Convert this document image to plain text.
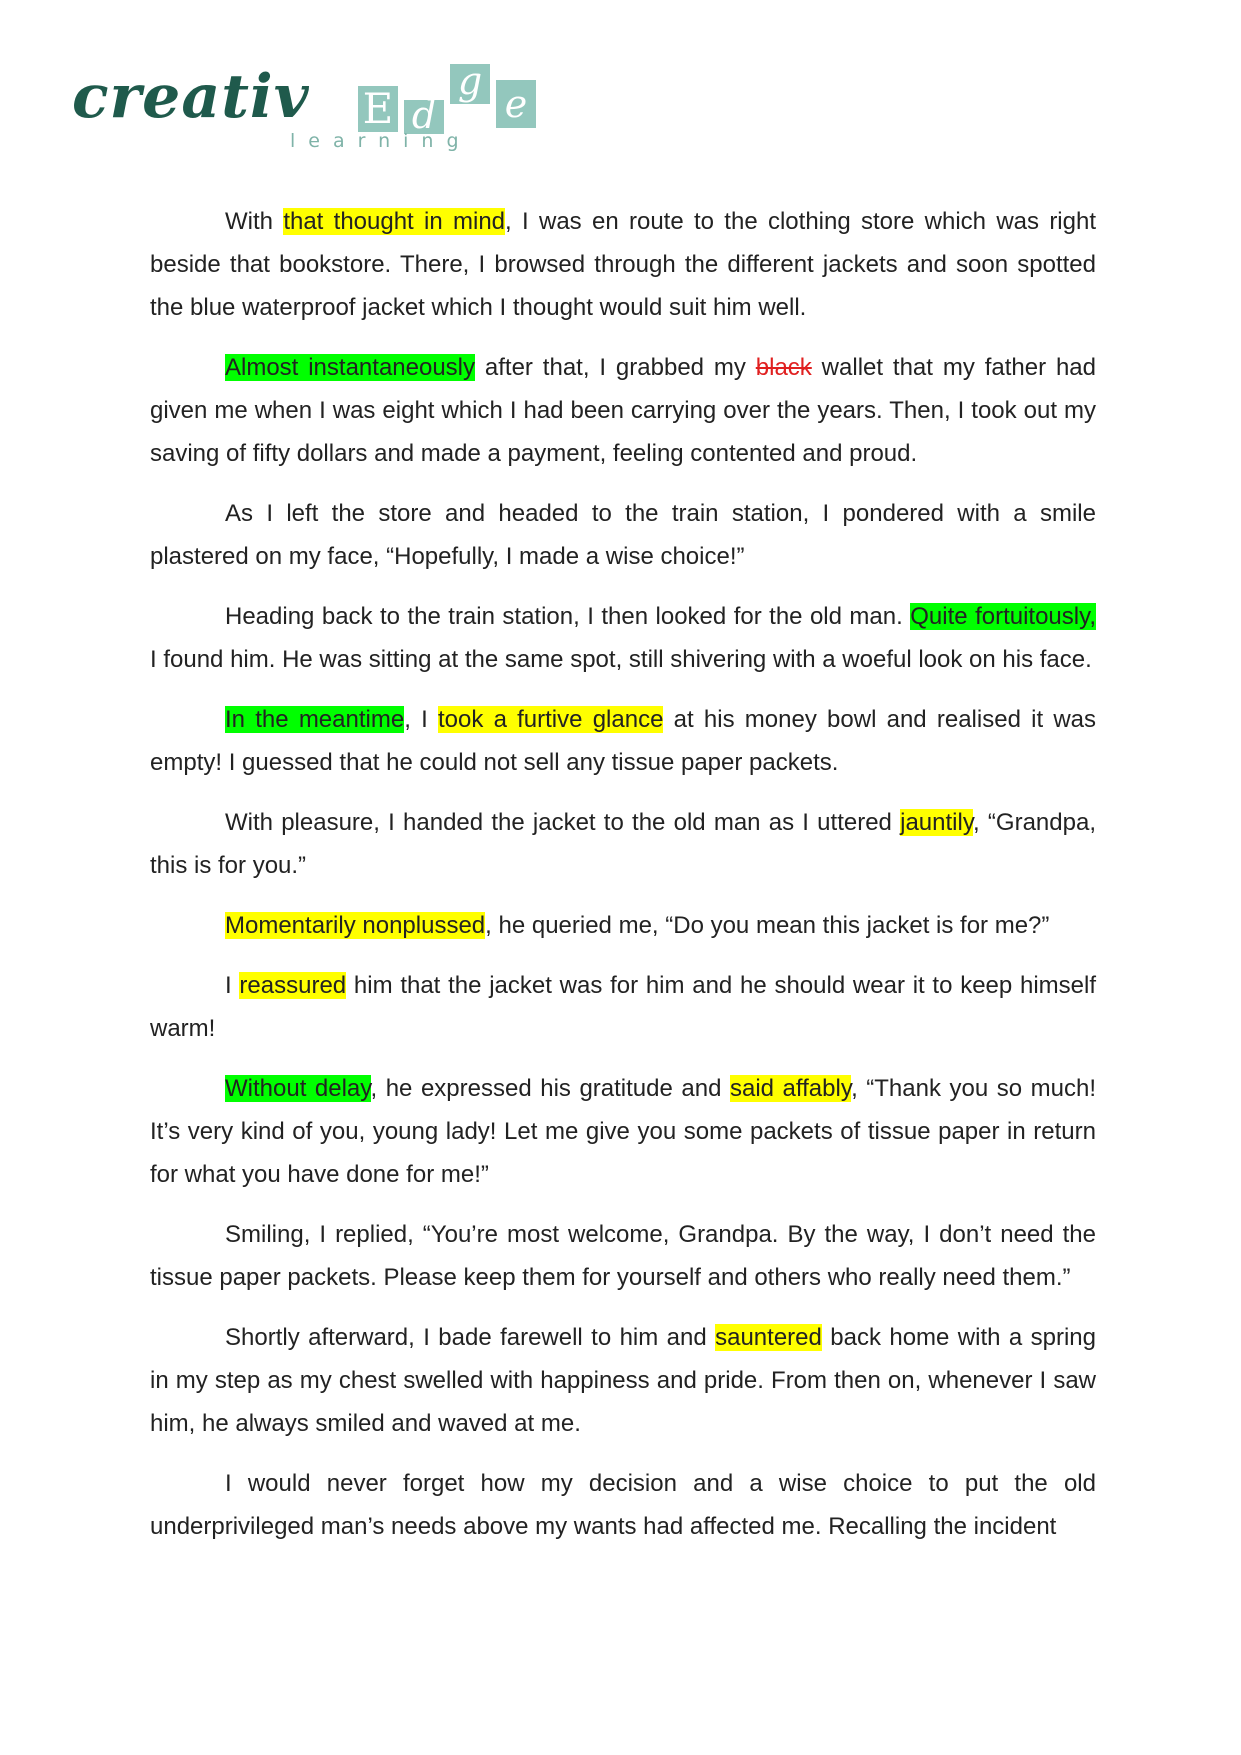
creativ E d
g
e
learning

With that thought in mind, I was en route to the clothing store which was right beside that bookstore. There, I browsed through the different jackets and soon spotted the blue waterproof jacket which I thought would suit him well.

Almost instantaneously after that, I grabbed my black wallet that my father had given me when I was eight which I had been carrying over the years. Then, I took out my saving of fifty dollars and made a payment, feeling contented and proud.

As I left the store and headed to the train station, I pondered with a smile plastered on my face, “Hopefully, I made a wise choice!”

Heading back to the train station, I then looked for the old man. Quite fortuitously, I found him. He was sitting at the same spot, still shivering with a woeful look on his face.

In the meantime, I took a furtive glance at his money bowl and realised it was empty! I guessed that he could not sell any tissue paper packets.

With pleasure, I handed the jacket to the old man as I uttered jauntily, “Grandpa, this is for you.”

Momentarily nonplussed, he queried me, “Do you mean this jacket is for me?”

I reassured him that the jacket was for him and he should wear it to keep himself warm!

Without delay, he expressed his gratitude and said affably, “Thank you so much! It’s very kind of you, young lady! Let me give you some packets of tissue paper in return for what you have done for me!”

Smiling, I replied, “You’re most welcome, Grandpa. By the way, I don’t need the tissue paper packets. Please keep them for yourself and others who really need them.”

Shortly afterward, I bade farewell to him and sauntered back home with a spring in my step as my chest swelled with happiness and pride. From then on, whenever I saw him, he always smiled and waved at me.

I would never forget how my decision and a wise choice to put the old underprivileged man’s needs above my wants had affected me. Recalling the incident
